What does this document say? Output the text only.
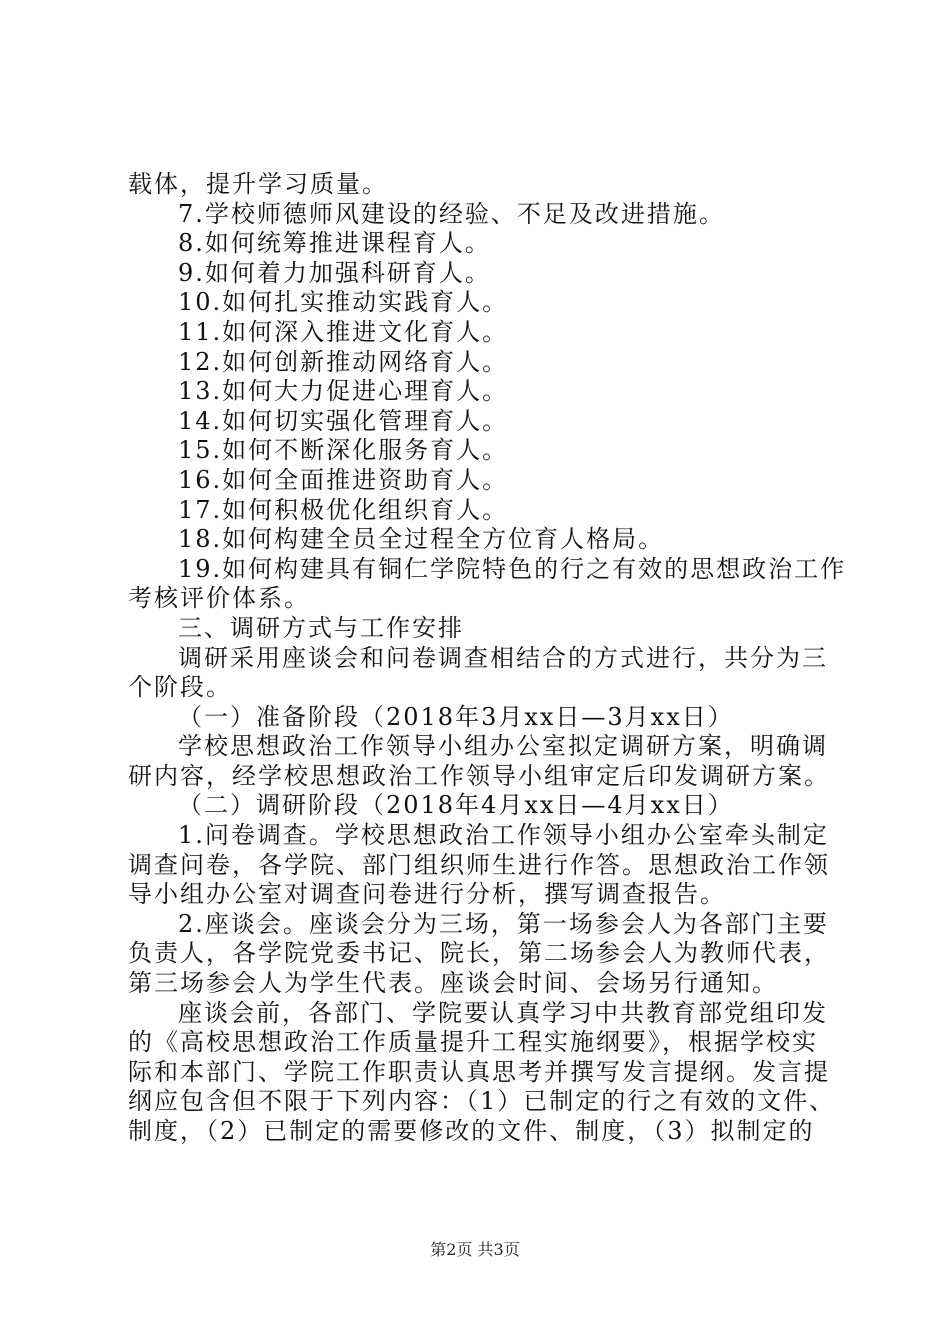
载体，提升学习质量。
7.学校师德师风建设的经验、不足及改进措施。
8.如何统筹推进课程育人。
9.如何着力加强科研育人。
10.如何扎实推动实践育人。
11.如何深入推进文化育人。
12.如何创新推动网络育人。
13.如何大力促进心理育人。
14.如何切实强化管理育人。
15.如何不断深化服务育人。
16.如何全面推进资助育人。
17.如何积极优化组织育人。
18.如何构建全员全过程全方位育人格局。
19.如何构建具有铜仁学院特色的行之有效的思想政治工作
考核评价体系。
三、调研方式与工作安排
调研采用座谈会和问卷调查相结合的方式进行，共分为三
个阶段。
（一）准备阶段（2018年3月xx日—3月xx日）
学校思想政治工作领导小组办公室拟定调研方案，明确调
研内容，经学校思想政治工作领导小组审定后印发调研方案。
（二）调研阶段（2018年4月xx日—4月xx日）
1.问卷调查。学校思想政治工作领导小组办公室牵头制定
调查问卷，各学院、部门组织师生进行作答。思想政治工作领
导小组办公室对调查问卷进行分析，撰写调查报告。
2.座谈会。座谈会分为三场，第一场参会人为各部门主要
负责人，各学院党委书记、院长，第二场参会人为教师代表，
第三场参会人为学生代表。座谈会时间、会场另行通知。
座谈会前，各部门、学院要认真学习中共教育部党组印发
的《高校思想政治工作质量提升工程实施纲要》，根据学校实
际和本部门、学院工作职责认真思考并撰写发言提纲。发言提
纲应包含但不限于下列内容：（1）已制定的行之有效的文件、
制度，（2）已制定的需要修改的文件、制度，（3）拟制定的
第2页 共3页
